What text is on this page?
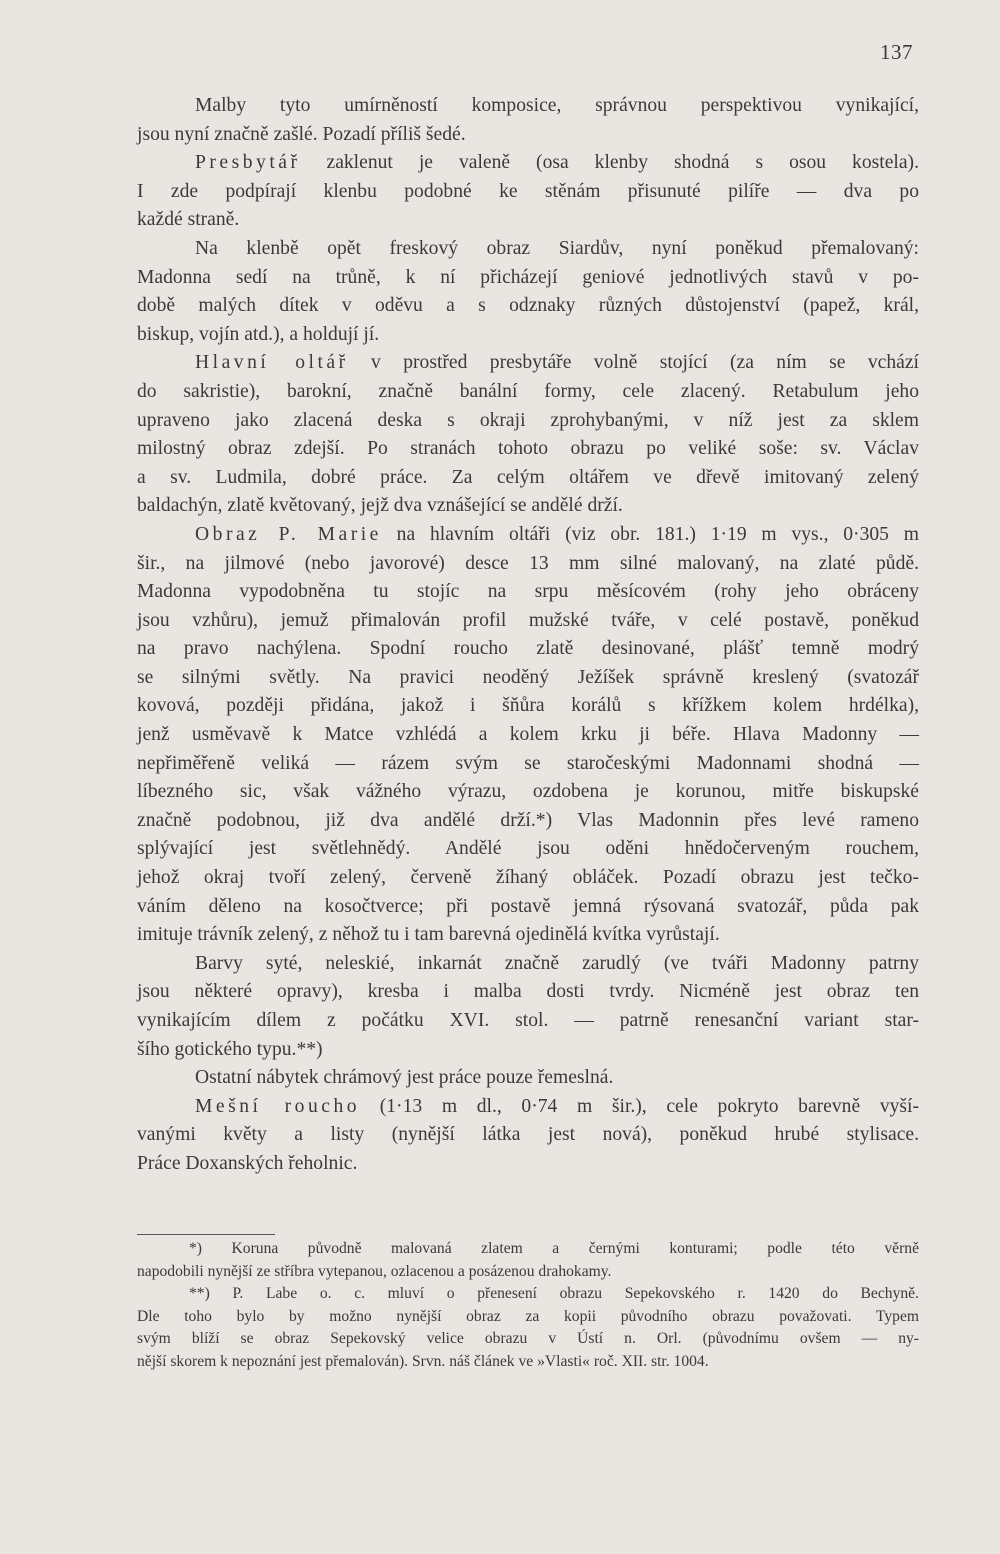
137
Malby tyto umírněností komposice, správnou perspektivou vynikající,
jsou nyní značně zašlé. Pozadí příliš šedé.
Presbytář zaklenut je valeně (osa klenby shodná s osou kostela).
I zde podpírají klenbu podobné ke stěnám přisunuté pilíře — dva po
každé straně.
Na klenbě opět freskový obraz Siardův, nyní poněkud přemalovaný:
Madonna sedí na trůně, k ní přicházejí geniové jednotlivých stavů v po-
době malých dítek v oděvu a s odznaky různých důstojenství (papež, král,
biskup, vojín atd.), a holdují jí.
Hlavní oltář v prostřed presbytáře volně stojící (za ním se vchází
do sakristie), barokní, značně banální formy, cele zlacený. Retabulum jeho
upraveno jako zlacená deska s okraji zprohybanými, v níž jest za sklem
milostný obraz zdejší. Po stranách tohoto obrazu po veliké soše: sv. Václav
a sv. Ludmila, dobré práce. Za celým oltářem ve dřevě imitovaný zelený
baldachýn, zlatě květovaný, jejž dva vznášející se andělé drží.
Obraz P. Marie na hlavním oltáři (viz obr. 181.) 1·19 m vys., 0·305 m
šir., na jilmové (nebo javorové) desce 13 mm silné malovaný, na zlaté půdě.
Madonna vypodobněna tu stojíc na srpu měsícovém (rohy jeho obráceny
jsou vzhůru), jemuž přimalován profil mužské tváře, v celé postavě, poněkud
na pravo nachýlena. Spodní roucho zlatě desinované, plášť temně modrý
se silnými světly. Na pravici neoděný Ježíšek správně kreslený (svatozář
kovová, později přidána, jakož i šňůra korálů s křížkem kolem hrdélka),
jenž usměvavě k Matce vzhlédá a kolem krku ji béře. Hlava Madonny —
nepřiměřeně veliká — rázem svým se staročeskými Madonnami shodná —
líbezného sic, však vážného výrazu, ozdobena je korunou, mitře biskupské
značně podobnou, již dva andělé drží.*) Vlas Madonnin přes levé rameno
splývající jest světlehnědý. Andělé jsou oděni hnědočerveným rouchem,
jehož okraj tvoří zelený, červeně žíhaný obláček. Pozadí obrazu jest tečko-
váním děleno na kosočtverce; při postavě jemná rýsovaná svatozář, půda pak
imituje trávník zelený, z něhož tu i tam barevná ojedinělá kvítka vyrůstají.
Barvy syté, neleskié, inkarnát značně zarudlý (ve tváři Madonny patrny
jsou některé opravy), kresba i malba dosti tvrdy. Nicméně jest obraz ten
vynikajícím dílem z počátku XVI. stol. — patrně renesanční variant star-
šího gotického typu.**)
Ostatní nábytek chrámový jest práce pouze řemeslná.
Mešní roucho (1·13 m dl., 0·74 m šir.), cele pokryto barevně vyší-
vanými květy a listy (nynější látka jest nová), poněkud hrubé stylisace.
Práce Doxanských řeholnic.
*) Koruna původně malovaná zlatem a černými konturami; podle této věrně
napodobili nynější ze stříbra vytepanou, ozlacenou a posázenou drahokamy.
**) P. Labe o. c. mluví o přenesení obrazu Sepekovského r. 1420 do Bechyně.
Dle toho bylo by možno nynější obraz za kopii původního obrazu považovati. Typem
svým blíží se obraz Sepekovský velice obrazu v Ústí n. Orl. (původnímu ovšem — ny-
nější skorem k nepoznání jest přemalován). Srvn. náš článek ve »Vlasti« roč. XII. str. 1004.
